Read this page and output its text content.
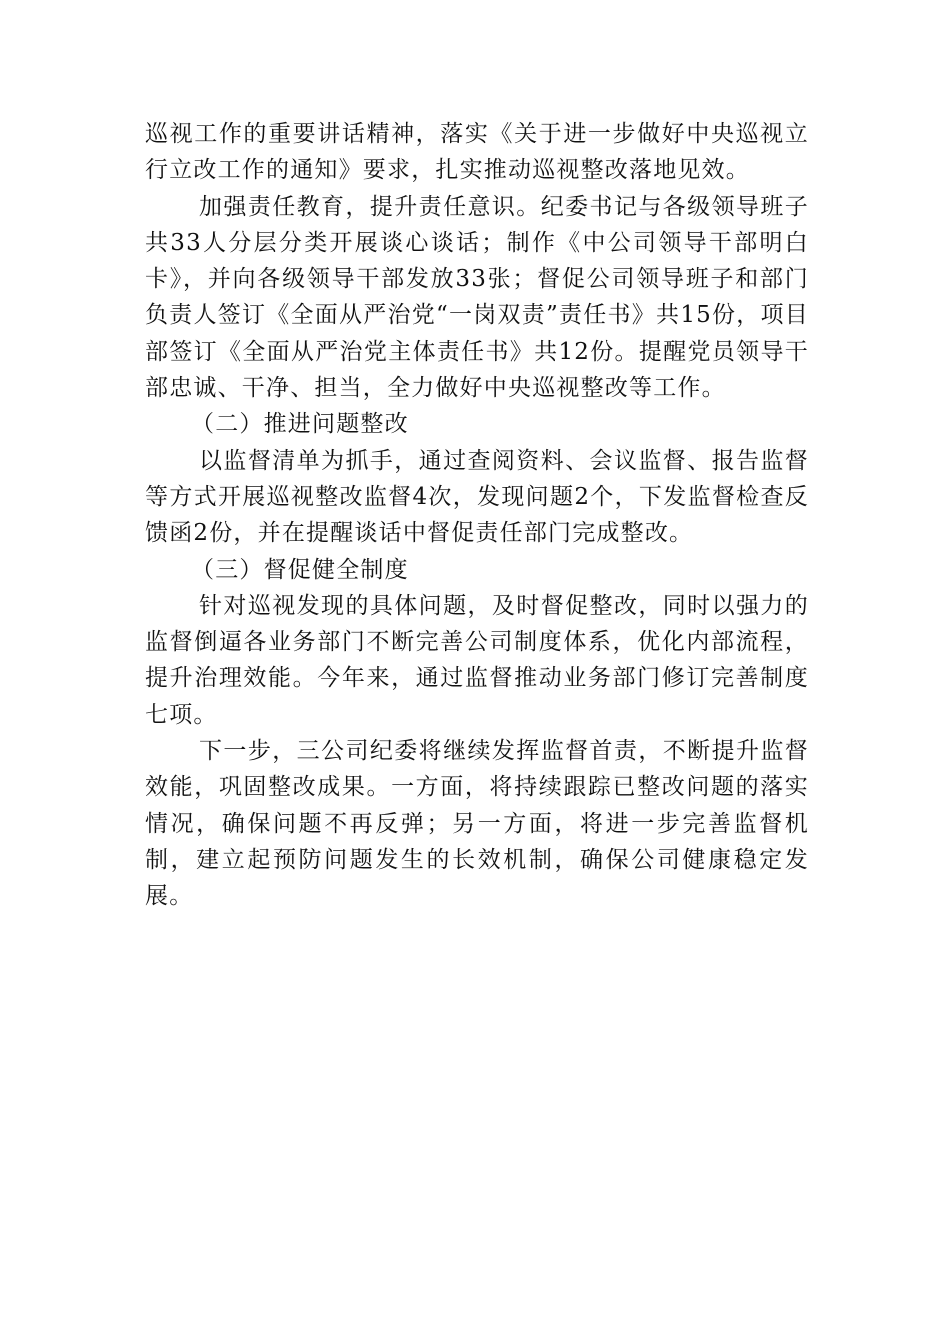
巡视工作的重要讲话精神，落实《关于进一步做好中央巡视立行立改工作的通知》要求，扎实推动巡视整改落地见效。

加强责任教育，提升责任意识。纪委书记与各级领导班子共33人分层分类开展谈心谈话；制作《中公司领导干部明白卡》，并向各级领导干部发放33张；督促公司领导班子和部门负责人签订《全面从严治党“一岗双责”责任书》共15份，项目部签订《全面从严治党主体责任书》共12份。提醒党员领导干部忠诚、干净、担当，全力做好中央巡视整改等工作。

（二）推进问题整改

以监督清单为抓手，通过查阅资料、会议监督、报告监督等方式开展巡视整改监督4次，发现问题2个，下发监督检查反馈函2份，并在提醒谈话中督促责任部门完成整改。

（三）督促健全制度

针对巡视发现的具体问题，及时督促整改，同时以强力的监督倒逼各业务部门不断完善公司制度体系，优化内部流程，提升治理效能。今年来，通过监督推动业务部门修订完善制度七项。

下一步，三公司纪委将继续发挥监督首责，不断提升监督效能，巩固整改成果。一方面，将持续跟踪已整改问题的落实情况，确保问题不再反弹；另一方面，将进一步完善监督机制，建立起预防问题发生的长效机制，确保公司健康稳定发展。
